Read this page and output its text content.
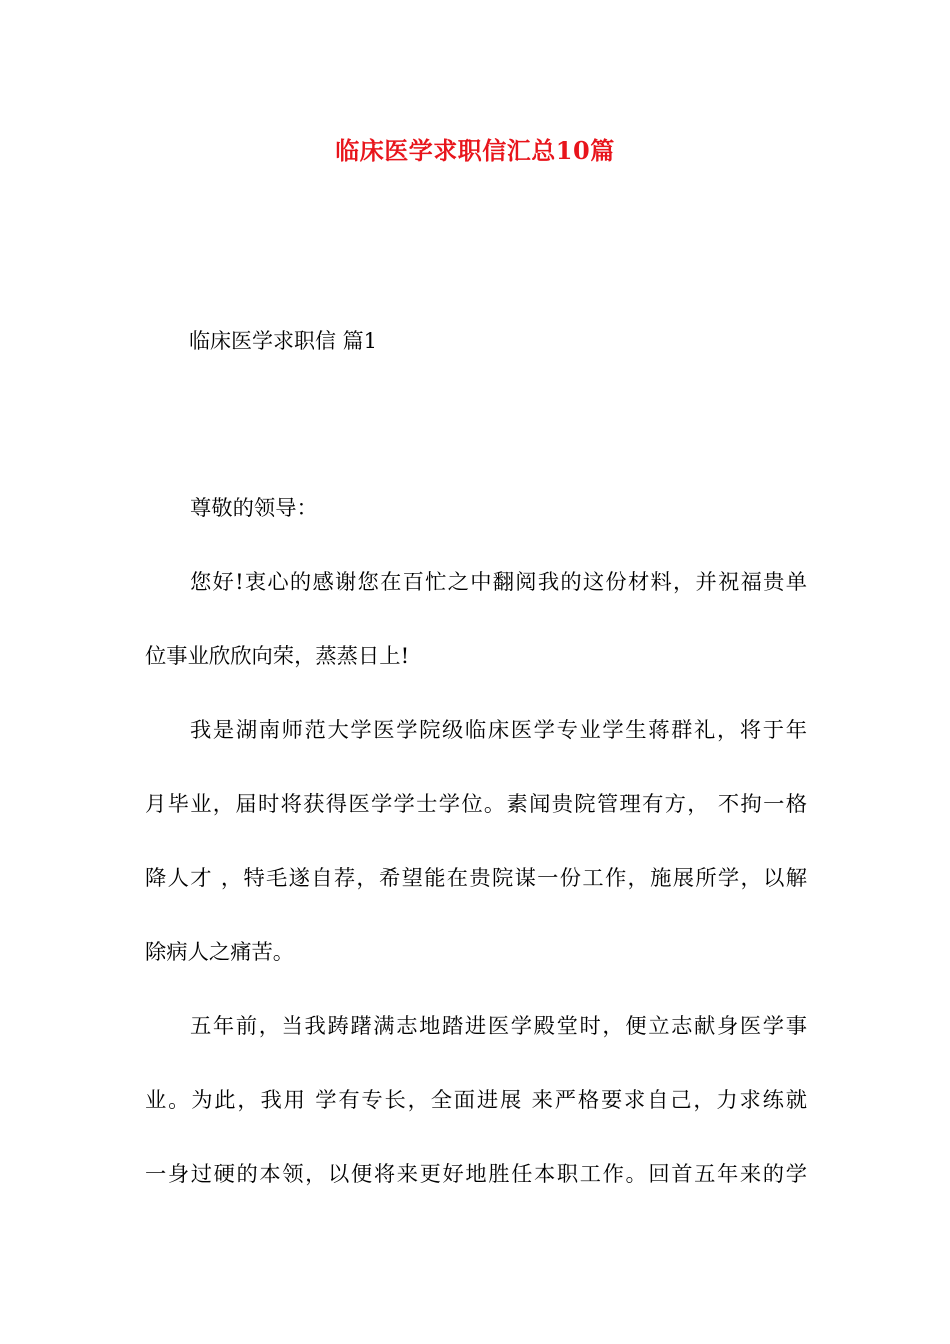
临床医学求职信汇总10篇
临床医学求职信 篇1
尊敬的领导：
您好!衷心的感谢您在百忙之中翻阅我的这份材料，并祝福贵单
位事业欣欣向荣，蒸蒸日上!
我是湖南师范大学医学院级临床医学专业学生蒋群礼，将于年
月毕业，届时将获得医学学士学位。素闻贵院管理有方， 不拘一格
降人才 ，特毛遂自荐，希望能在贵院谋一份工作，施展所学，以解
除病人之痛苦。
五年前，当我踌躇满志地踏进医学殿堂时，便立志献身医学事
业。为此，我用 学有专长，全面进展 来严格要求自己，力求练就
一身过硬的本领，以便将来更好地胜任本职工作。回首五年来的学
